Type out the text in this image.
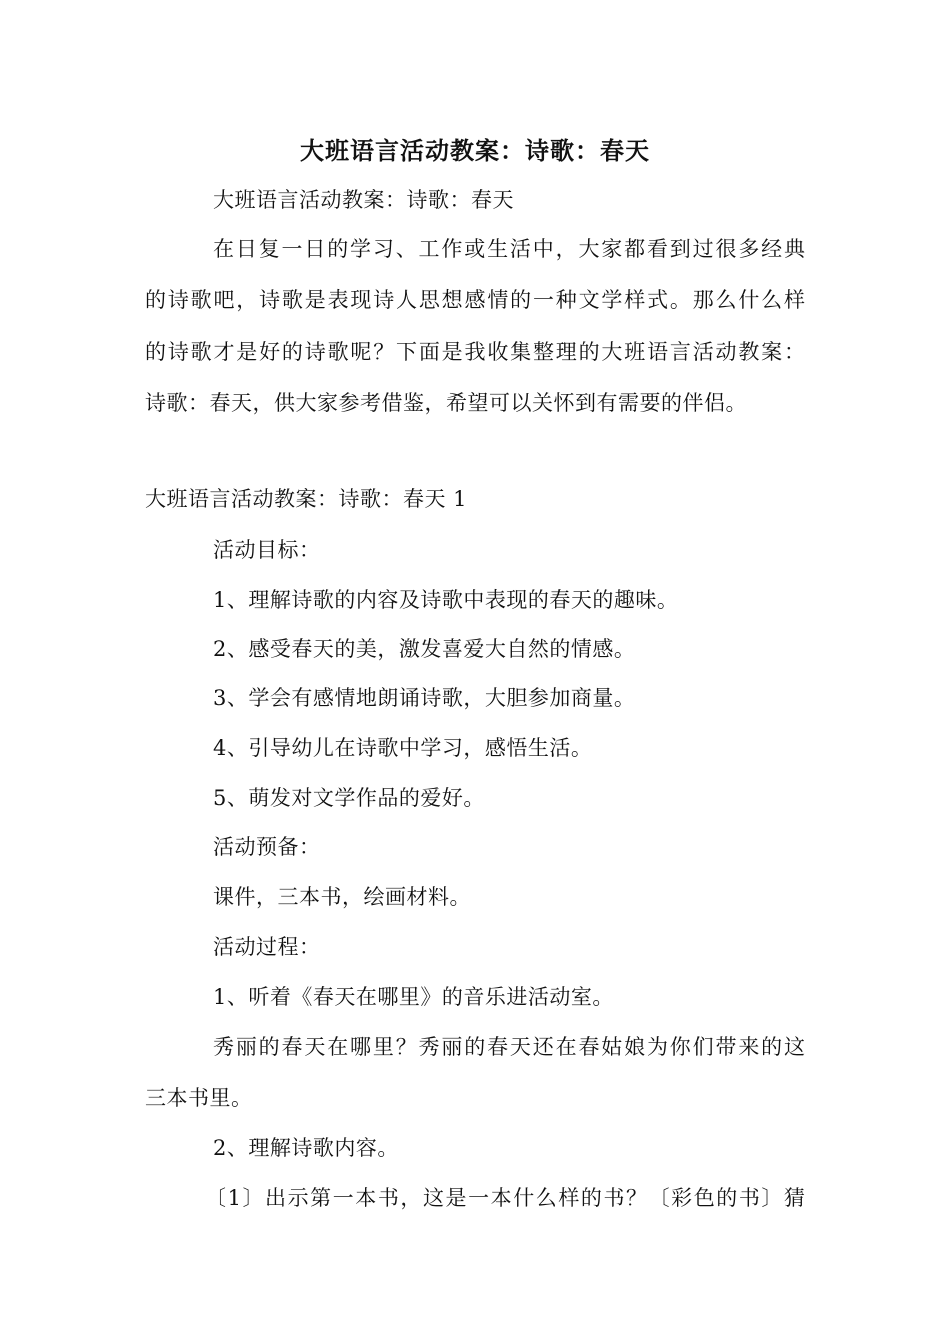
大班语言活动教案：诗歌：春天
大班语言活动教案：诗歌：春天
在日复一日的学习、工作或生活中，大家都看到过很多经典
的诗歌吧，诗歌是表现诗人思想感情的一种文学样式。那么什么样
的诗歌才是好的诗歌呢？下面是我收集整理的大班语言活动教案：
诗歌：春天，供大家参考借鉴，希望可以关怀到有需要的伴侣。
大班语言活动教案：诗歌：春天 1
活动目标：
1、理解诗歌的内容及诗歌中表现的春天的趣味。
2、感受春天的美，激发喜爱大自然的情感。
3、学会有感情地朗诵诗歌，大胆参加商量。
4、引导幼儿在诗歌中学习，感悟生活。
5、萌发对文学作品的爱好。
活动预备：
课件，三本书，绘画材料。
活动过程：
1、听着《春天在哪里》的音乐进活动室。
秀丽的春天在哪里？秀丽的春天还在春姑娘为你们带来的这
三本书里。
2、理解诗歌内容。
〔1〕出示第一本书，这是一本什么样的书？〔彩色的书〕猜
